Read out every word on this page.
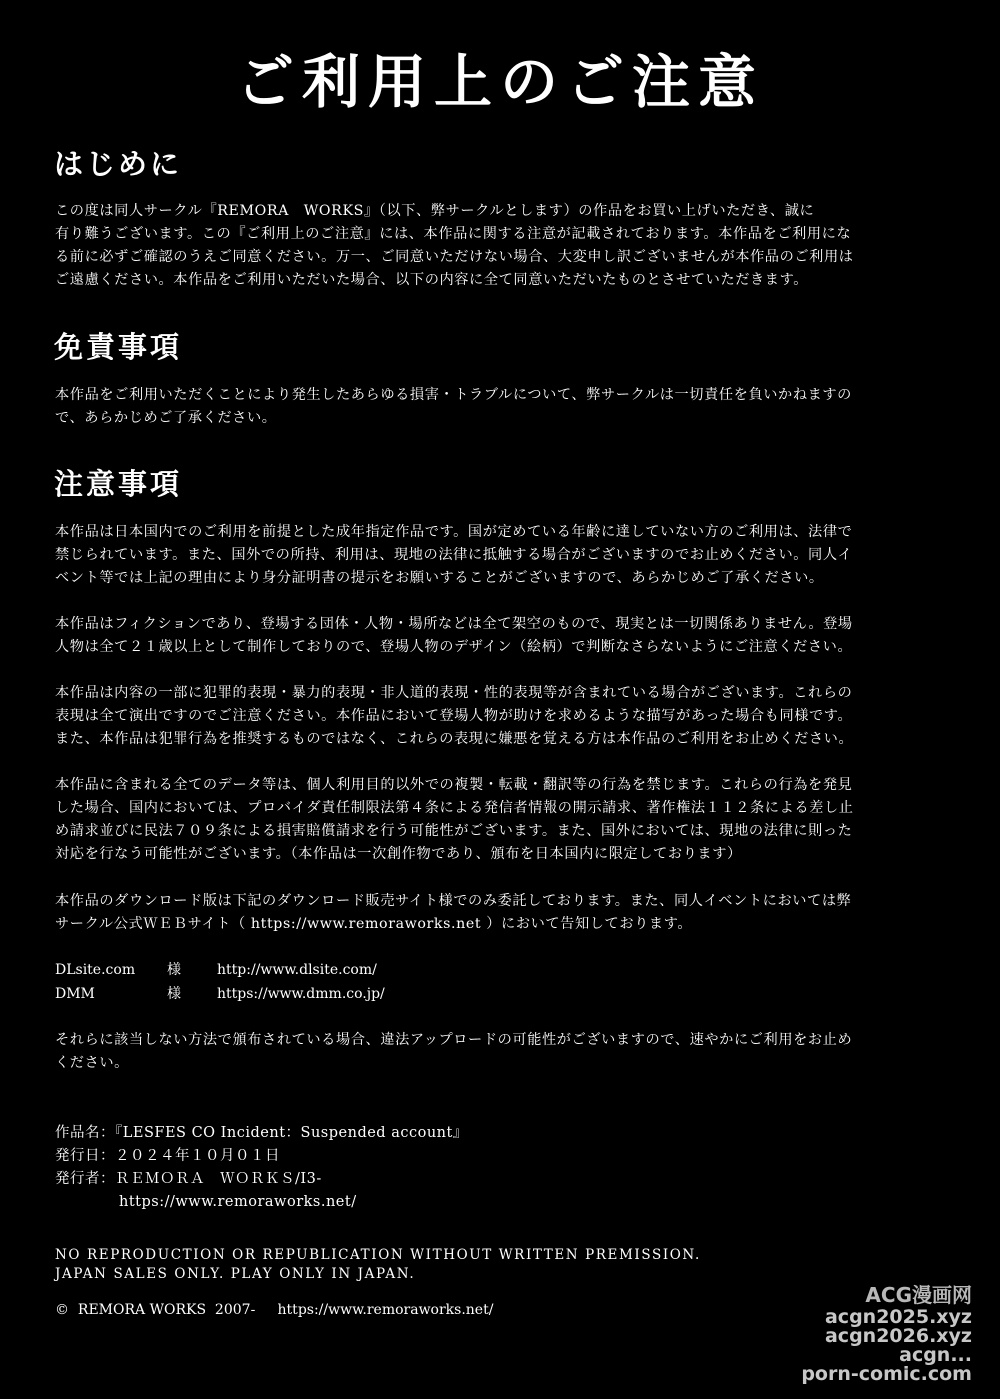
ご利用上のご注意
はじめに
この度は同人サークル『REMORA　WORKS』（以下、弊サークルとします）の作品をお買い上げいただき、誠に
有り難うございます。この『ご利用上のご注意』には、本作品に関する注意が記載されております。本作品をご利用にな
る前に必ずご確認のうえご同意ください。万一、ご同意いただけない場合、大変申し訳ございませんが本作品のご利用は
ご遠慮ください。本作品をご利用いただいた場合、以下の内容に全て同意いただいたものとさせていただきます。
免責事項
本作品をご利用いただくことにより発生したあらゆる損害・トラブルについて、弊サークルは一切責任を負いかねますの
で、あらかじめご了承ください。
注意事項
本作品は日本国内でのご利用を前提とした成年指定作品です。国が定めている年齢に達していない方のご利用は、法律で
禁じられています。また、国外での所持、利用は、現地の法律に抵触する場合がございますのでお止めください。同人イ
ベント等では上記の理由により身分証明書の提示をお願いすることがございますので、あらかじめご了承ください。
本作品はフィクションであり、登場する団体・人物・場所などは全て架空のもので、現実とは一切関係ありません。登場
人物は全て２１歳以上として制作しておりので、登場人物のデザイン（絵柄）で判断なさらないようにご注意ください。
本作品は内容の一部に犯罪的表現・暴力的表現・非人道的表現・性的表現等が含まれている場合がございます。これらの
表現は全て演出ですのでご注意ください。本作品において登場人物が助けを求めるような描写があった場合も同様です。
また、本作品は犯罪行為を推奨するものではなく、これらの表現に嫌悪を覚える方は本作品のご利用をお止めください。
本作品に含まれる全てのデータ等は、個人利用目的以外での複製・転載・翻訳等の行為を禁じます。これらの行為を発見
した場合、国内においては、プロバイダ責任制限法第４条による発信者情報の開示請求、著作権法１１２条による差し止
め請求並びに民法７０９条による損害賠償請求を行う可能性がございます。また、国外においては、現地の法律に則った
対応を行なう可能性がございます。（本作品は一次創作物であり、頒布を日本国内に限定しております）
本作品のダウンロード版は下記のダウンロード販売サイト様でのみ委託しております。また、同人イベントにおいては弊
サークル公式ＷＥＢサイト（ https://www.remoraworks.net ）において告知しております。
DLsite.com 様	http://www.dlsite.com/
DMM	様	https://www.dmm.co.jp/
それらに該当しない方法で頒布されている場合、違法アップロードの可能性がございますので、速やかにご利用をお止め
ください。
作品名：『LESFES CO Incident：Suspended account』
発行日：２０２４年１０月０１日
発行者：ＲＥＭＯＲＡ　ＷＯＲＫＳ/I3-
https://www.remoraworks.net/
NO REPRODUCTION OR REPUBLICATION WITHOUT WRITTEN PREMISSION.
JAPAN SALES ONLY. PLAY ONLY IN JAPAN.
©  REMORA WORKS  2007-     https://www.remoraworks.net/
ACG漫画网
acgn2025.xyz
acgn2026.xyz
acgn...
porn-comic.com
